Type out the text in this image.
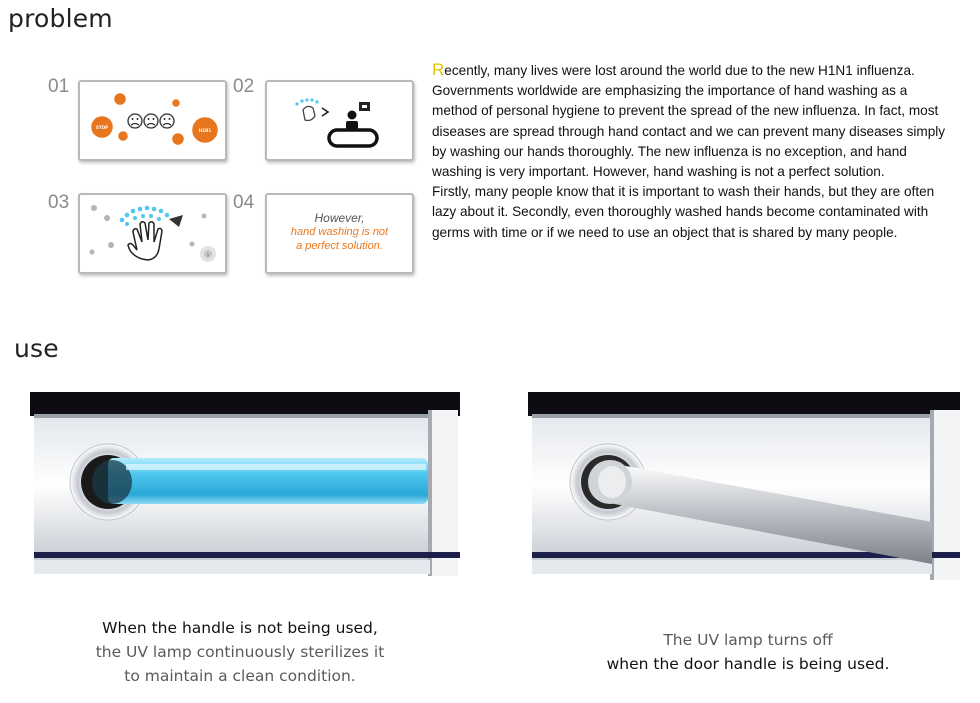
problem
use
01	02
03	04
STOP
H1N1
›
However,
hand washing is not
a perfect solution.
Recently, many lives were lost around the world due to the new H1N1 influenza. Governments worldwide are emphasizing the importance of hand washing as a method of personal hygiene to prevent the spread of the new influenza. In fact, most diseases are spread through hand contact and we can prevent many diseases simply by washing our hands thoroughly. The new influenza is no exception, and hand washing is very important. However, hand washing is not a perfect solution.
Firstly, many people know that it is important to wash their hands, but they are often lazy about it. Secondly, even thoroughly washed hands become contaminated with germs with time or if we need to use an object that is shared by many people.
When the handle is not being used,
the UV lamp continuously sterilizes it
to maintain a clean condition.
The UV lamp turns off
when the door handle is being used.
